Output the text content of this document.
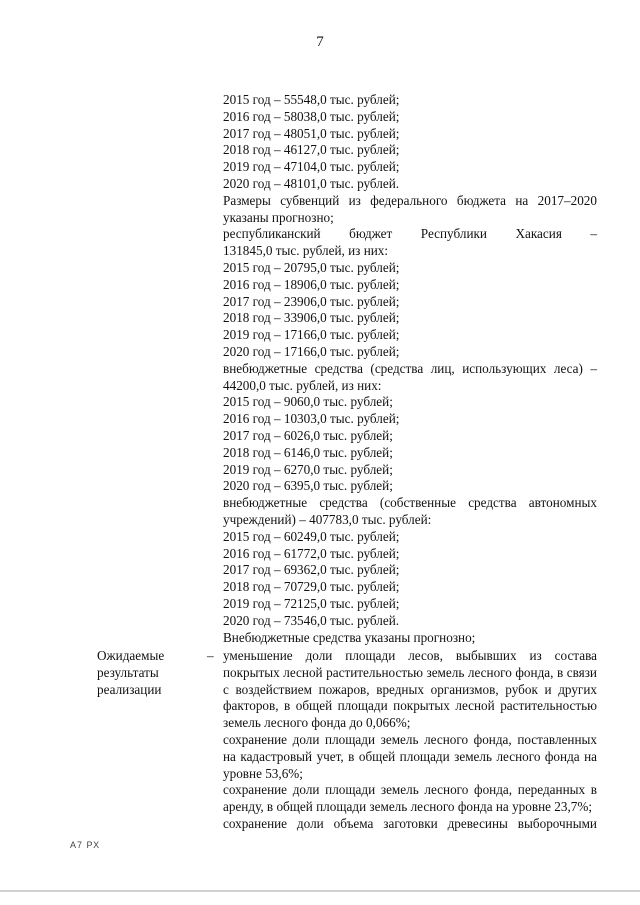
7

2015 год – 55548,0 тыс. рублей;

2016 год – 58038,0 тыс. рублей;

2017 год – 48051,0 тыс. рублей;

2018 год – 46127,0 тыс. рублей;

2019 год – 47104,0 тыс. рублей;

2020 год – 48101,0 тыс. рублей.

Размеры субвенций из федерального бюджета на 2017–2020 указаны прогнозно;

республиканский бюджет Республики Хакасия –

131845,0 тыс. рублей, из них:

2015 год – 20795,0 тыс. рублей;

2016 год – 18906,0 тыс. рублей;

2017 год – 23906,0 тыс. рублей;

2018 год – 33906,0 тыс. рублей;

2019 год – 17166,0 тыс. рублей;

2020 год – 17166,0 тыс. рублей;

внебюджетные средства (средства лиц, использующих леса) – 44200,0 тыс. рублей, из них:

2015 год – 9060,0 тыс. рублей;

2016 год – 10303,0 тыс. рублей;

2017 год – 6026,0 тыс. рублей;

2018 год – 6146,0 тыс. рублей;

2019 год – 6270,0 тыс. рублей;

2020 год – 6395,0 тыс. рублей;

внебюджетные средства (собственные средства автономных учреждений) – 407783,0 тыс. рублей:

2015 год – 60249,0 тыс. рублей;

2016 год – 61772,0 тыс. рублей;

2017 год – 69362,0 тыс. рублей;

2018 год – 70729,0 тыс. рублей;

2019 год – 72125,0 тыс. рублей;

2020 год – 73546,0 тыс. рублей.

Внебюджетные средства указаны прогнозно;

Ожидаемые результаты реализации
– уменьшение доли площади лесов, выбывших из состава покрытых лесной растительностью земель лесного фонда, в связи с воздействием пожаров, вредных организмов, рубок и других факторов, в общей площади покрытых лесной растительностью земель лесного фонда до 0,066%;

сохранение доли площади земель лесного фонда, поставленных на кадастровый учет, в общей площади земель лесного фонда на уровне 53,6%;

сохранение доли площади земель лесного фонда, переданных в аренду, в общей площади земель лесного фонда на уровне 23,7%;

сохранение доли объема заготовки древесины выборочными

А7 РХ
